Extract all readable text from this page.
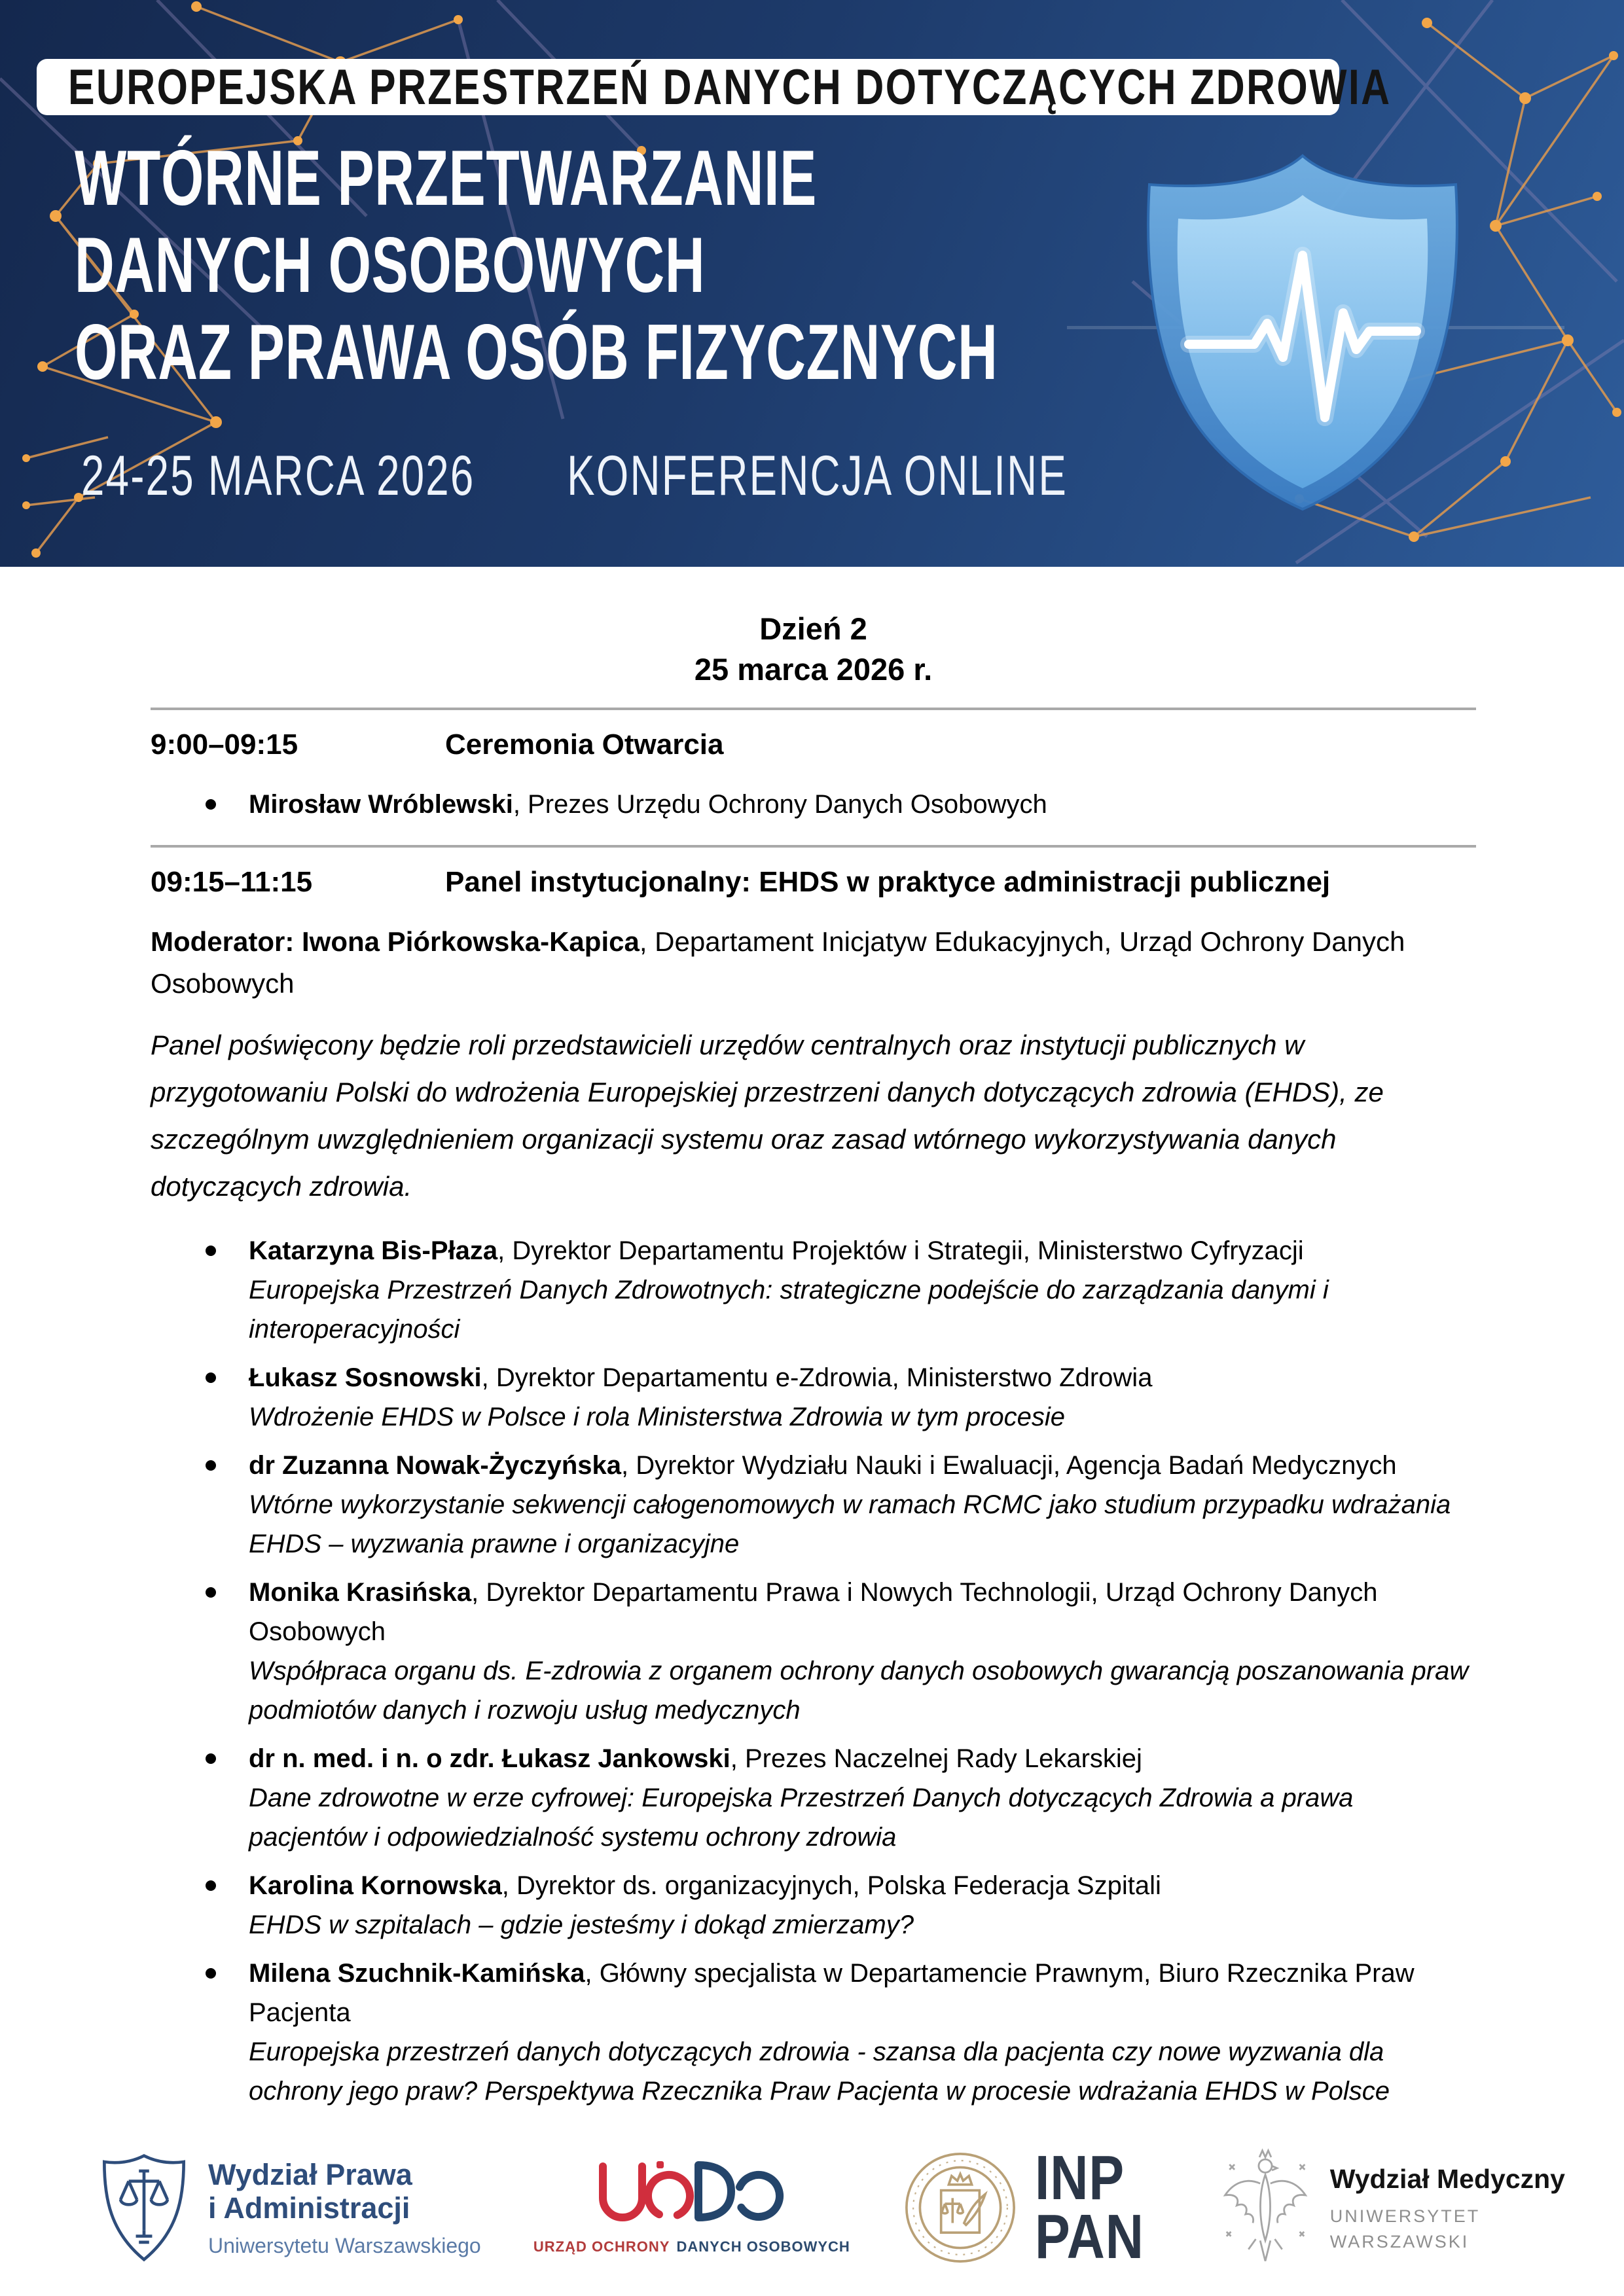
EUROPEJSKA PRZESTRZEŃ DANYCH DOTYCZĄCYCH ZDROWIA
WTÓRNE PRZETWARZANIE
DANYCH OSOBOWYCH
ORAZ PRAWA OSÓB FIZYCZNYCH
24-25 MARCA 2026 KONFERENCJA ONLINE
Dzień 2
25 marca 2026 r.
9:00–09:15	Ceremonia Otwarcia
Mirosław Wróblewski, Prezes Urzędu Ochrony Danych Osobowych
09:15–11:15	Panel instytucjonalny: EHDS w praktyce administracji publicznej
Moderator: Iwona Piórkowska-Kapica, Departament Inicjatyw Edukacyjnych, Urząd Ochrony Danych Osobowych
Panel poświęcony będzie roli przedstawicieli urzędów centralnych oraz instytucji publicznych w przygotowaniu Polski do wdrożenia Europejskiej przestrzeni danych dotyczących zdrowia (EHDS), ze szczególnym uwzględnieniem organizacji systemu oraz zasad wtórnego wykorzystywania danych dotyczących zdrowia.
Katarzyna Bis-Płaza, Dyrektor Departamentu Projektów i Strategii, Ministerstwo Cyfryzacji
Europejska Przestrzeń Danych Zdrowotnych: strategiczne podejście do zarządzania danymi i interoperacyjności
Łukasz Sosnowski, Dyrektor Departamentu e-Zdrowia, Ministerstwo Zdrowia
Wdrożenie EHDS w Polsce i rola Ministerstwa Zdrowia w tym procesie
dr Zuzanna Nowak-Życzyńska, Dyrektor Wydziału Nauki i Ewaluacji, Agencja Badań Medycznych
Wtórne wykorzystanie sekwencji całogenomowych w ramach RCMC jako studium przypadku wdrażania EHDS – wyzwania prawne i organizacyjne
Monika Krasińska, Dyrektor Departamentu Prawa i Nowych Technologii, Urząd Ochrony Danych Osobowych
Współpraca organu ds. E-zdrowia z organem ochrony danych osobowych gwarancją poszanowania praw podmiotów danych i rozwoju usług medycznych
dr n. med. i n. o zdr. Łukasz Jankowski, Prezes Naczelnej Rady Lekarskiej
Dane zdrowotne w erze cyfrowej: Europejska Przestrzeń Danych dotyczących Zdrowia a prawa pacjentów i odpowiedzialność systemu ochrony zdrowia
Karolina Kornowska, Dyrektor ds. organizacyjnych, Polska Federacja Szpitali
EHDS w szpitalach – gdzie jesteśmy i dokąd zmierzamy?
Milena Szuchnik-Kamińska, Główny specjalista w Departamencie Prawnym, Biuro Rzecznika Praw Pacjenta
Europejska przestrzeń danych dotyczących zdrowia - szansa dla pacjenta czy nowe wyzwania dla ochrony jego praw? Perspektywa Rzecznika Praw Pacjenta w procesie wdrażania EHDS w Polsce
Wydział Prawa
i Administracji
Uniwersytetu Warszawskiego	URZĄD OCHRONY DANYCH OSOBOWYCH
INP
PAN
Wydział Medyczny
UNIWERSYTET
WARSZAWSKI
